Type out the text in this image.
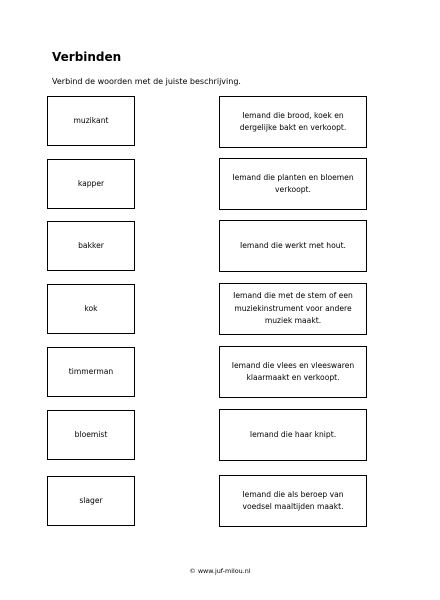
Verbinden
Verbind de woorden met de juiste beschrijving.
muzikant
Iemand die brood, koek en dergelijke bakt en verkoopt.
kapper
Iemand die planten en bloemen verkoopt.
bakker	Iemand die werkt met hout.
kok
Iemand die met de stem of een muziekinstrument voor andere muziek maakt.
timmerman
Iemand die vlees en vleeswaren klaarmaakt en verkoopt.
bloemist	Iemand die haar knipt.
slager
Iemand die als beroep van voedsel maaltijden maakt.
© www.juf-milou.nl
